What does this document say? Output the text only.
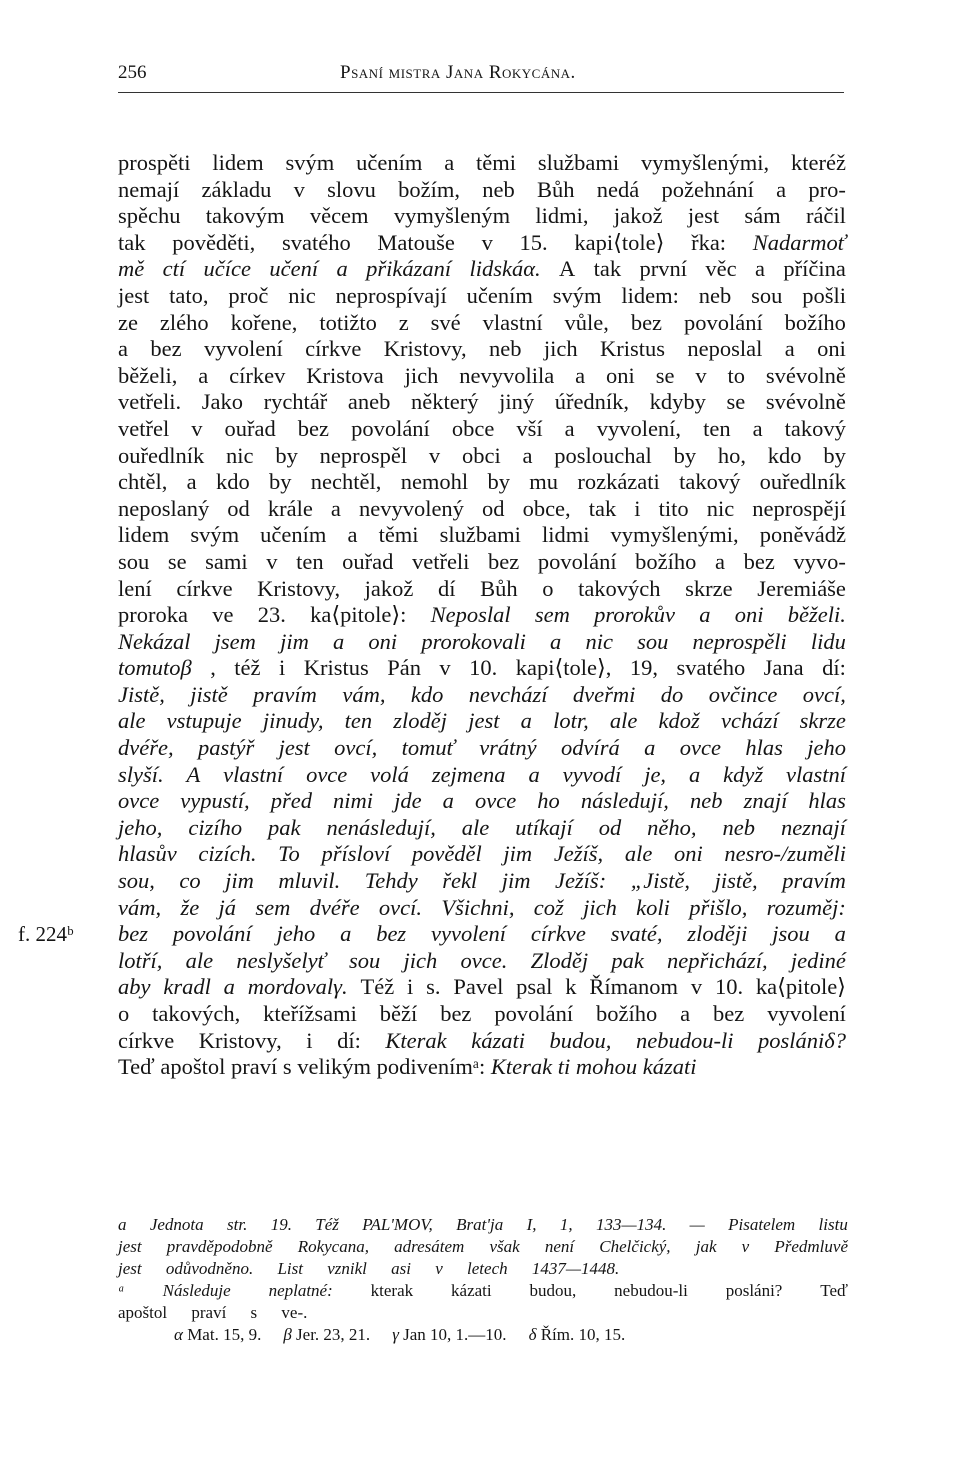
256	Psaní mistra Jana Rokycána.
f. 224ᵇ
prospěti lidem svým učením a těmi službami vymyšlenými, kteréž
nemají základu v slovu božím, neb Bůh nedá požehnání a pro-
spěchu takovým věcem vymyšleným lidmi, jakož jest sám ráčil
tak pověděti, svatého Matouše v 15. kapi⟨tole⟩ řka: Nadarmoť
mě ctí učíce učení a přikázaní lidskáα. A tak první věc a příčina
jest tato, proč nic neprospívají učením svým lidem: neb sou pošli
ze zlého kořene, totižto z své vlastní vůle, bez povolání božího
a bez vyvolení církve Kristovy, neb jich Kristus neposlal a oni
běželi, a církev Kristova jich nevyvolila a oni se v to svévolně
vetřeli. Jako rychtář aneb některý jiný úředník, kdyby se svévolně
vetřel v ouřad bez povolání obce vší a vyvolení, ten a takový
ouředlník nic by neprospěl v obci a poslouchal by ho, kdo by
chtěl, a kdo by nechtěl, nemohl by mu rozkázati takový ouředlník
neposlaný od krále a nevyvolený od obce, tak i tito nic neprospějí
lidem svým učením a těmi službami lidmi vymyšlenými, poněvádž
sou se sami v ten ouřad vetřeli bez povolání božího a bez vyvo-
lení církve Kristovy, jakož dí Bůh o takových skrze Jeremiáše
proroka ve 23. ka⟨pitole⟩: Neposlal sem prorokův a oni běželi.
Nekázal jsem jim a oni prorokovali a nic sou neprospěli lidu
tomutoβ , též i Kristus Pán v 10. kapi⟨tole⟩, 19, svatého Jana dí:
Jistě, jistě pravím vám, kdo nevchází dveřmi do ovčince ovcí,
ale vstupuje jinudy, ten zloděj jest a lotr, ale kdož vchází skrze
dvéře, pastýř jest ovcí, tomuť vrátný odvírá a ovce hlas jeho
slyší. A vlastní ovce volá zejmena a vyvodí je, a když vlastní
ovce vypustí, před nimi jde a ovce ho následují, neb znají hlas
jeho, cizího pak nenásledují, ale utíkají od něho, neb neznají
hlasův cizích. To přísloví pověděl jim Ježíš, ale oni nesro-/zuměli
sou, co jim mluvil. Tehdy řekl jim Ježíš: „Jistě, jistě, pravím
vám, že já sem dvéře ovcí. Všichni, což jich koli přišlo, rozuměj:
bez povolání jeho a bez vyvolení církve svaté, zloději jsou a
lotří, ale neslyšelyť sou jich ovce. Zloděj pak nepřichází, jediné
aby kradl a mordovalγ. Též i s. Pavel psal k Římanom v 10. ka⟨pitole⟩
o takových, kteřížsami běží bez povolání božího a bez vyvolení
církve Kristovy, i dí: Kterak kázati budou, nebudou-li poslániδ?
Teď
apoštol
praví
s
velikým
podivenímᵃ:
Kterak
ti
mohou
kázati
a Jednota str. 19. Též PAL'MOV, Brat'ja I, 1, 133—134. — Pisatelem listu
jest pravděpodobně Rokycana, adresátem však není Chelčický, jak v Předmluvě
jest
odůvodněno.
List
vznikl
asi
v
letech
1437—1448.
ᵃ Následuje neplatné: kterak kázati budou, nebudou-li posláni? Teď
apoštol
praví
s
ve-.
α Mat. 15, 9. β Jer. 23, 21. γ Jan 10, 1.—10. δ Řím. 10, 15.
